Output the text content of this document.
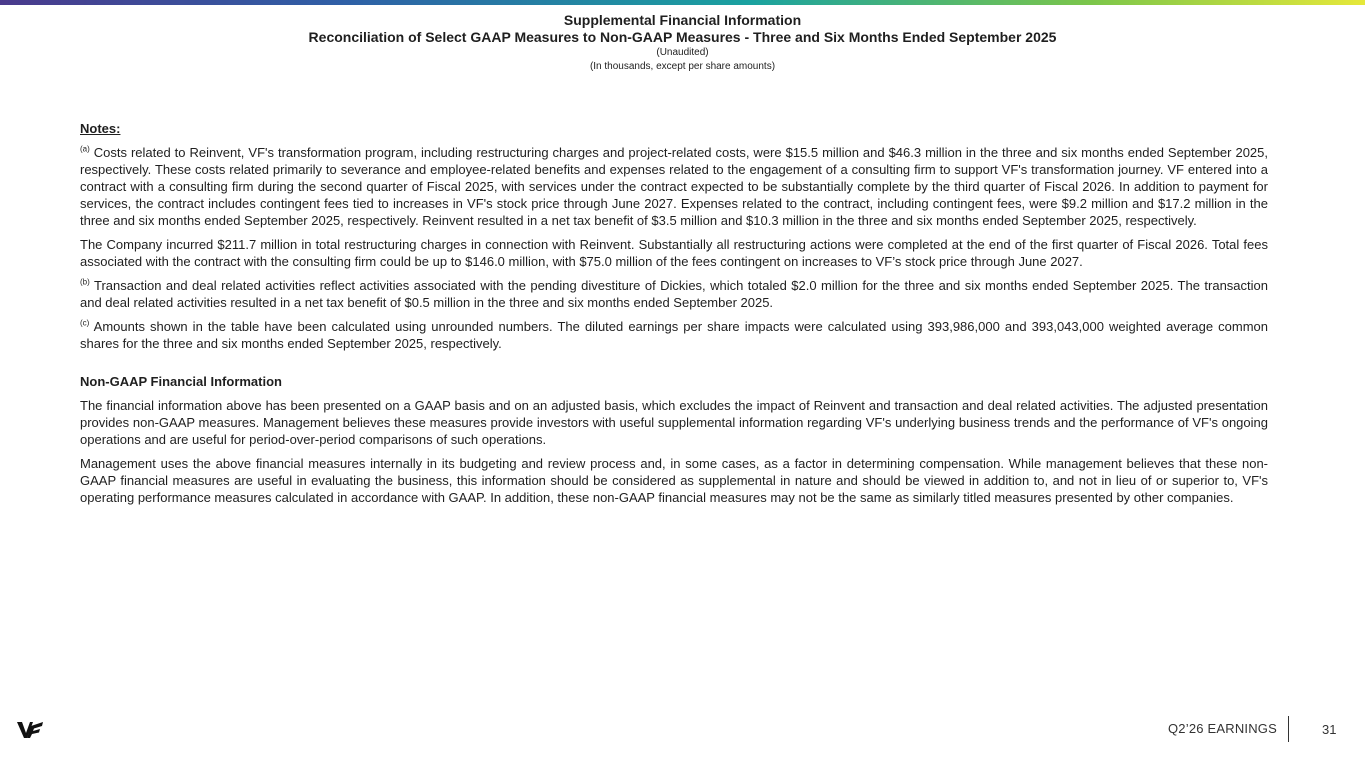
Supplemental Financial Information
Reconciliation of Select GAAP Measures to Non-GAAP Measures - Three and Six Months Ended September 2025
(Unaudited)
(In thousands, except per share amounts)

Notes:

$^{(a)}$ Costs related to Reinvent, VF's transformation program, including restructuring charges and project-related costs, were $15.5 million and $46.3 million in the three and six months ended September 2025, respectively. These costs related primarily to severance and employee-related benefits and expenses related to the engagement of a consulting firm to support VF's transformation journey. VF entered into a contract with a consulting firm during the second quarter of Fiscal 2025, with services under the contract expected to be substantially complete by the third quarter of Fiscal 2026. In addition to payment for services, the contract includes contingent fees tied to increases in VF's stock price through June 2027. Expenses related to the contract, including contingent fees, were $9.2 million and $17.2 million in the three and six months ended September 2025, respectively. Reinvent resulted in a net tax benefit of $3.5 million and $10.3 million in the three and six months ended September 2025, respectively.

The Company incurred $211.7 million in total restructuring charges in connection with Reinvent. Substantially all restructuring actions were completed at the end of the first quarter of Fiscal 2026. Total fees associated with the contract with the consulting firm could be up to $146.0 million, with $75.0 million of the fees contingent on increases to VF’s stock price through June 2027.

$^{(b)}$ Transaction and deal related activities reflect activities associated with the pending divestiture of Dickies, which totaled $2.0 million for the three and six months ended September 2025. The transaction and deal related activities resulted in a net tax benefit of $0.5 million in the three and six months ended September 2025.

$^{(c)}$ Amounts shown in the table have been calculated using unrounded numbers. The diluted earnings per share impacts were calculated using 393,986,000 and 393,043,000 weighted average common shares for the three and six months ended September 2025, respectively.

Non-GAAP Financial Information

The financial information above has been presented on a GAAP basis and on an adjusted basis, which excludes the impact of Reinvent and transaction and deal related activities. The adjusted presentation provides non-GAAP measures. Management believes these measures provide investors with useful supplemental information regarding VF's underlying business trends and the performance of VF's ongoing operations and are useful for period-over-period comparisons of such operations.

Management uses the above financial measures internally in its budgeting and review process and, in some cases, as a factor in determining compensation. While management believes that these non-GAAP financial measures are useful in evaluating the business, this information should be considered as supplemental in nature and should be viewed in addition to, and not in lieu of or superior to, VF's operating performance measures calculated in accordance with GAAP. In addition, these non-GAAP financial measures may not be the same as similarly titled measures presented by other companies.

Q2’26 EARNINGS	31
